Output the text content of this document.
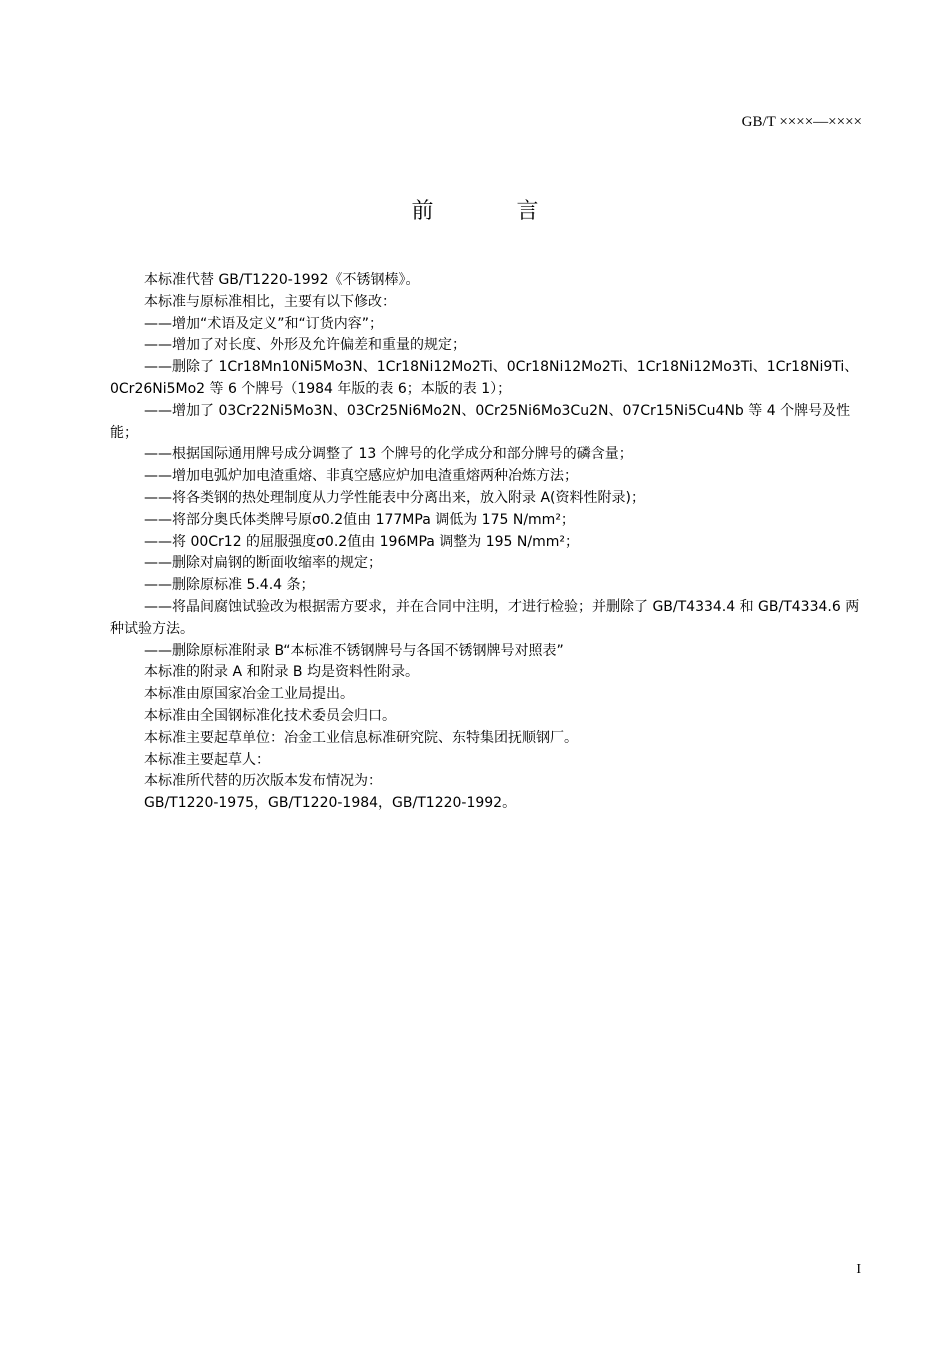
GB/T ××××—××××
前 言

本标准代替 GB/T1220-1992《不锈钢棒》。

本标准与原标准相比，主要有以下修改：

——增加“术语及定义”和“订货内容”；

——增加了对长度、外形及允许偏差和重量的规定；

——删除了 1Cr18Mn10Ni5Mo3N、1Cr18Ni12Mo2Ti、0Cr18Ni12Mo2Ti、1Cr18Ni12Mo3Ti、1Cr18Ni9Ti、0Cr26Ni5Mo2 等 6 个牌号（1984 年版的表 6；本版的表 1）；

——增加了 03Cr22Ni5Mo3N、03Cr25Ni6Mo2N、0Cr25Ni6Mo3Cu2N、07Cr15Ni5Cu4Nb 等 4 个牌号及性能；

——根据国际通用牌号成分调整了 13 个牌号的化学成分和部分牌号的磷含量；

——增加电弧炉加电渣重熔、非真空感应炉加电渣重熔两种冶炼方法；

——将各类钢的热处理制度从力学性能表中分离出来，放入附录 A(资料性附录)；

——将部分奥氏体类牌号原σ0.2值由 177MPa 调低为 175 N/mm²；

——将 00Cr12 的屈服强度σ0.2值由 196MPa 调整为 195 N/mm²；

——删除对扁钢的断面收缩率的规定；

——删除原标准 5.4.4 条；

——将晶间腐蚀试验改为根据需方要求，并在合同中注明，才进行检验；并删除了 GB/T4334.4 和 GB/T4334.6 两种试验方法。

——删除原标准附录 B“本标准不锈钢牌号与各国不锈钢牌号对照表”

本标准的附录 A 和附录 B 均是资料性附录。

本标准由原国家冶金工业局提出。

本标准由全国钢标准化技术委员会归口。

本标准主要起草单位：冶金工业信息标准研究院、东特集团抚顺钢厂。

本标准主要起草人：

本标准所代替的历次版本发布情况为：

GB/T1220-1975，GB/T1220-1984，GB/T1220-1992。

I
